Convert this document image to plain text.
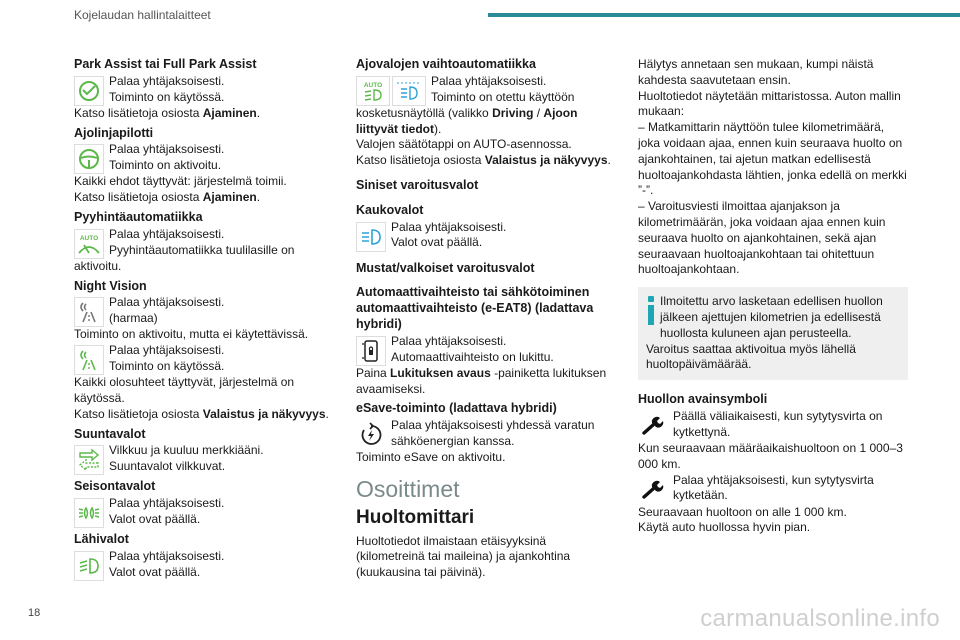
Kojelaudan hallintalaitteet
Park Assist tai Full Park Assist

Palaa yhtäjaksoisesti.

Toiminto on käytössä.

Katso lisätietoja osiosta Ajaminen.

Ajolinjapilotti

Palaa yhtäjaksoisesti.

Toiminto on aktivoitu.

Kaikki ehdot täyttyvät: järjestelmä toimii.

Katso lisätietoja osiosta Ajaminen.

Pyyhintäautomatiikka
AUTO Palaa yhtäjaksoisesti.

Pyyhintäautomatiikka tuulilasille on

aktivoitu.

Night Vision

Palaa yhtäjaksoisesti.

(harmaa)

Toiminto on aktivoitu, mutta ei käytettävissä.

Palaa yhtäjaksoisesti.

Toiminto on käytössä.

Kaikki olosuhteet täyttyvät, järjestelmä on käytössä.

Katso lisätietoja osiosta Valaistus ja näkyvyys.

Suuntavalot

Vilkkuu ja kuuluu merkkiääni.

Suuntavalot vilkkuvat.

Seisontavalot

Palaa yhtäjaksoisesti.

Valot ovat päällä.

Lähivalot

Palaa yhtäjaksoisesti.

Valot ovat päällä.

Ajovalojen vaihtoautomatiikka
AUTO	Palaa yhtäjaksoisesti.

Toiminto on otettu käyttöön

kosketusnäytöllä (valikko Driving / Ajoon liittyvät tiedot).

Valojen säätötappi on AUTO-asennossa.

Katso lisätietoja osiosta Valaistus ja näkyvyys.

Siniset varoitusvalot
Kaukovalot

Palaa yhtäjaksoisesti.

Valot ovat päällä.

Mustat/valkoiset varoitusvalot
Automaattivaihteisto tai sähkötoiminen automaattivaihteisto (e-EAT8) (ladattava hybridi)

Palaa yhtäjaksoisesti.

Automaattivaihteisto on lukittu.

Paina Lukituksen avaus -painiketta lukituksen avaamiseksi.

eSave-toiminto (ladattava hybridi)

Palaa yhtäjaksoisesti yhdessä varatun sähköenergian kanssa.

Toiminto eSave on aktivoitu.

Osoittimet
Huoltomittari

Huoltotiedot ilmaistaan etäisyyksinä (kilometreinä tai maileina) ja ajankohtina (kuukausina tai päivinä).

Hälytys annetaan sen mukaan, kumpi näistä kahdesta saavutetaan ensin.

Huoltotiedot näytetään mittaristossa. Auton mallin mukaan:

– Matkamittarin näyttöön tulee kilometrimäärä, joka voidaan ajaa, ennen kuin seuraava huolto on ajankohtainen, tai ajetun matkan edellisestä huoltoajankohdasta lähtien, jonka edellä on merkki ”-”.

– Varoitusviesti ilmoittaa ajanjakson ja kilometrimäärän, joka voidaan ajaa ennen kuin seuraava huolto on ajankohtainen, sekä ajan seuraavaan huoltoajankohtaan tai ohitettuun huoltoajankohtaan.

Ilmoitettu arvo lasketaan edellisen huollon jälkeen ajettujen kilometrien ja edellisestä huollosta kuluneen ajan perusteella.

Varoitus saattaa aktivoitua myös lähellä huoltopäivämäärää.

Huollon avainsymboli

Päällä väliaikaisesti, kun sytytysvirta on kytkettynä.

Kun seuraavaan määräaikaishuoltoon on 1 000–3 000 km.

Palaa yhtäjaksoisesti, kun sytytysvirta kytketään.

Seuraavaan huoltoon on alle 1 000 km.

Käytä auto huollossa hyvin pian.

18	carmanualsonline.info
